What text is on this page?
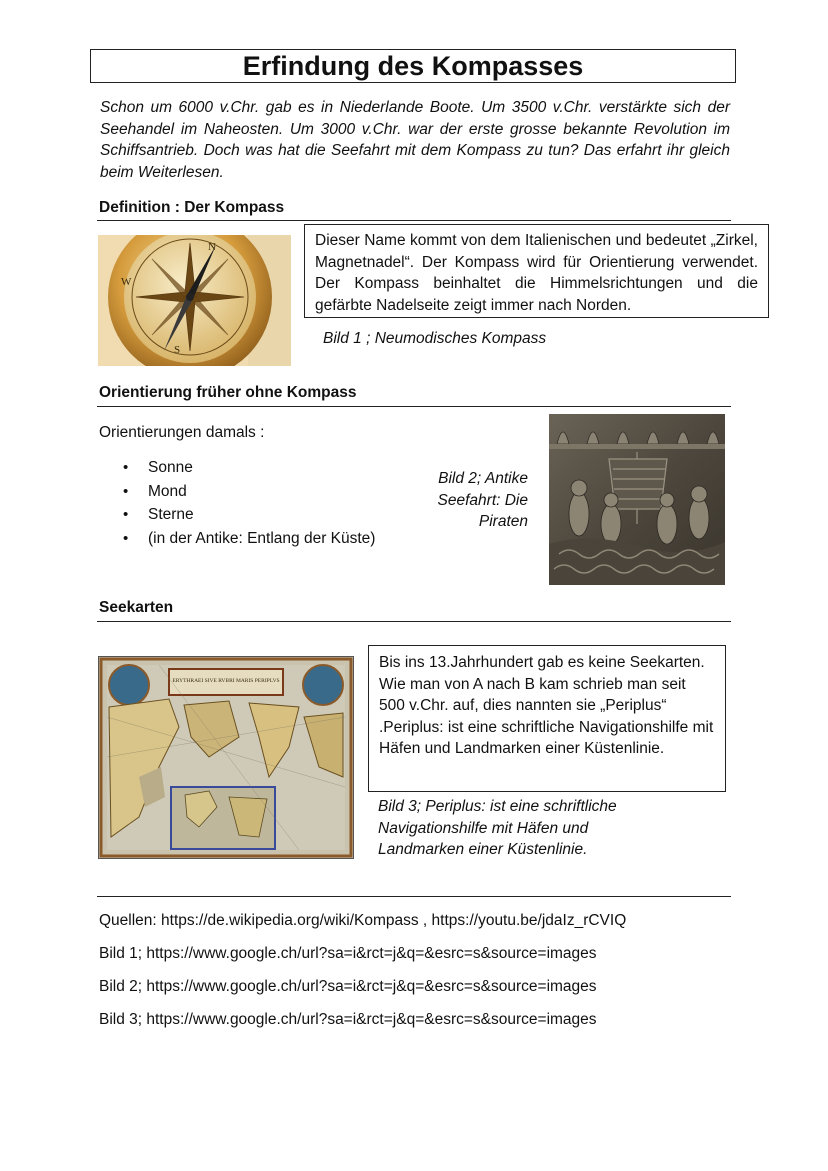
Erfindung des Kompasses
Schon um 6000 v.Chr. gab es in Niederlande Boote. Um 3500 v.Chr. verstärkte sich der Seehandel im Naheosten. Um 3000 v.Chr. war der erste grosse bekannte Revolution im Schiffsantrieb. Doch was hat die Seefahrt mit dem Kompass zu tun? Das erfahrt ihr gleich beim Weiterlesen.
Definition : Der Kompass
W
N
S
Dieser Name kommt von dem Italienischen und bedeutet „Zirkel, Magnetnadel“. Der Kompass wird für Orientierung verwendet. Der Kompass beinhaltet die Himmelsrichtungen und die gefärbte Nadelseite zeigt immer nach Norden.
Bild 1 ; Neumodisches Kompass
Orientierung früher ohne Kompass
Orientierungen damals :
• Sonne
• Mond
• Sterne
• (in der Antike: Entlang der Küste)
Bild 2; Antike
Seefahrt: Die
Piraten
Seekarten
ERYTHRAEI SIVE RVBRI MARIS PERIPLVS
Bis ins 13.Jahrhundert gab es keine Seekarten. Wie man von A nach B kam schrieb man seit 500 v.Chr. auf, dies nannten sie „Periplus“ .Periplus: ist eine schriftliche Navigationshilfe mit Häfen und Landmarken einer Küstenlinie.
Bild 3; Periplus: ist eine schriftliche Navigationshilfe mit Häfen und Landmarken einer Küstenlinie.
Quellen: https://de.wikipedia.org/wiki/Kompass , https://youtu.be/jdaIz_rCVIQ
Bild 1; https://www.google.ch/url?sa=i&rct=j&q=&esrc=s&source=images
Bild 2; https://www.google.ch/url?sa=i&rct=j&q=&esrc=s&source=images
Bild 3; https://www.google.ch/url?sa=i&rct=j&q=&esrc=s&source=images
